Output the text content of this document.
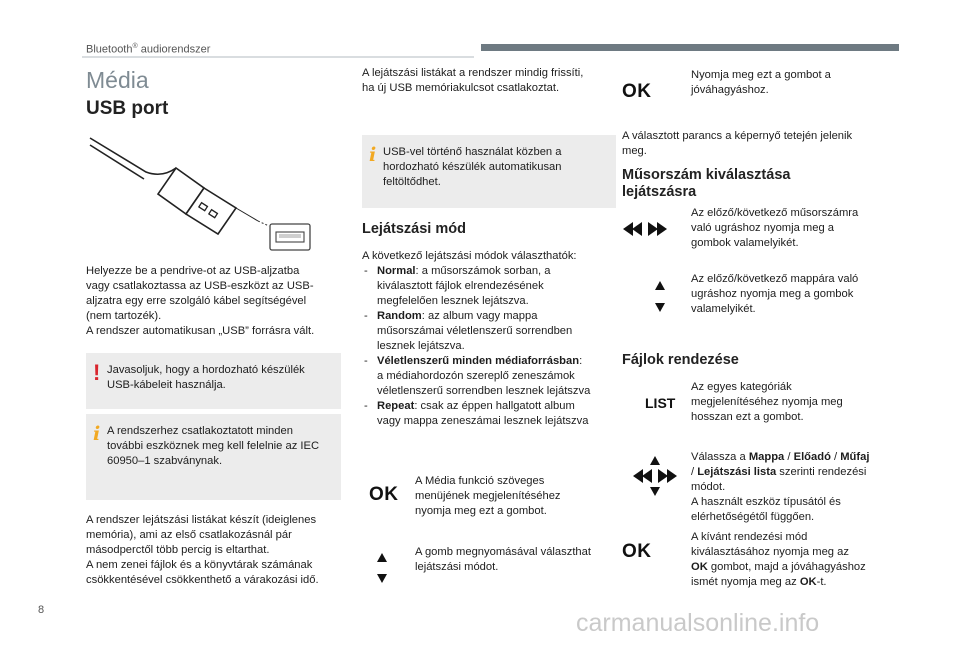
Bluetooth® audiorendszer
Média
USB port

Helyezze be a pendrive-ot az USB-aljzatba

vagy csatlakoztassa az USB-eszközt az USB-

aljzatra egy erre szolgáló kábel segítségével

(nem tartozék).

A rendszer automatikusan „USB” forrásra vált.

! Javasoljuk, hogy a hordozható készülék

USB-kábeleit használja.

i A rendszerhez csatlakoztatott minden

további eszköznek meg kell felelnie az IEC

60950–1 szabványnak.

A rendszer lejátszási listákat készít (ideiglenes

memória), ami az első csatlakozásnál pár

másodperctől több percig is eltarthat.

A nem zenei fájlok és a könyvtárak számának

csökkentésével csökkenthető a várakozási idő.

A lejátszási listákat a rendszer mindig frissíti,

ha új USB memóriakulcsot csatlakoztat.

i USB-vel történő használat közben a

hordozható készülék automatikusan

feltöltődhet.

Lejátszási mód

A következő lejátszási módok választhatók:

- Normal: a műsorszámok sorban, a
kiválasztott fájlok elrendezésének
megfelelően lesznek lejátszva.
- Random: az album vagy mappa
műsorszámai véletlenszerű sorrendben
lesznek lejátszva.
- Véletlenszerű minden médiaforrásban:
a médiahordozón szereplő zeneszámok
véletlenszerű sorrendben lesznek lejátszva
- Repeat: csak az éppen hallgatott album
vagy mappa zeneszámai lesznek lejátszva
OK

A Média funkció szöveges

menüjének megjelenítéséhez

nyomja meg ezt a gombot.

A gomb megnyomásával választhat

lejátszási módot.

OK

Nyomja meg ezt a gombot a

jóváhagyáshoz.

A választott parancs a képernyő tetején jelenik

meg.

Műsorszám kiválasztása
lejátszásra

Az előző/következő műsorszámra

való ugráshoz nyomja meg a

gombok valamelyikét.

Az előző/következő mappára való

ugráshoz nyomja meg a gombok

valamelyikét.

Fájlok rendezése
LIST

Az egyes kategóriák

megjelenítéséhez nyomja meg

hosszan ezt a gombot.

Válassza a Mappa / Előadó / Műfaj

/ Lejátszási lista szerinti rendezési

módot.

A használt eszköz típusától és

elérhetőségétől függően.

OK

A kívánt rendezési mód

kiválasztásához nyomja meg az

OK gombot, majd a jóváhagyáshoz

ismét nyomja meg az OK-t.

8	carmanualsonline.info
